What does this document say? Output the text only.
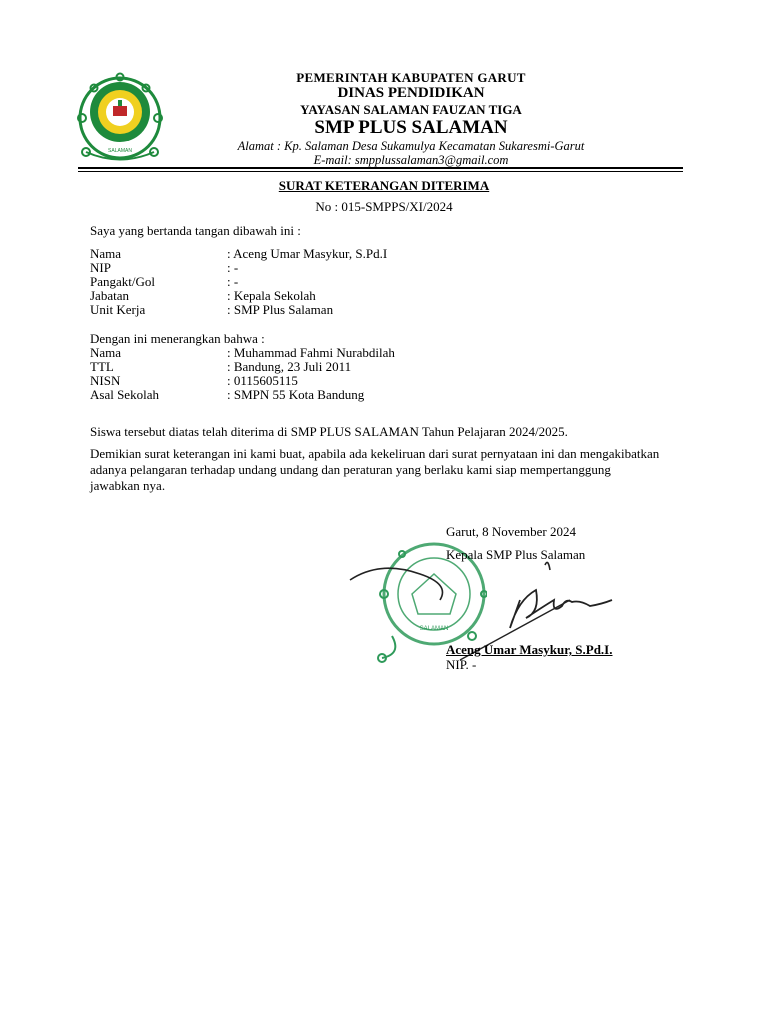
SALAMAN
PEMERINTAH KABUPATEN GARUT
DINAS PENDIDIKAN
YAYASAN SALAMAN FAUZAN TIGA
SMP PLUS SALAMAN
Alamat : Kp. Salaman Desa Sukamulya Kecamatan Sukaresmi-Garut
E-mail: smpplussalaman3@gmail.com
SURAT KETERANGAN DITERIMA
No : 015-SMPPS/XI/2024
Saya yang bertanda tangan dibawah ini :
Nama	: Aceng Umar Masykur, S.Pd.I
NIP	: -
Pangakt/Gol	: -
Jabatan	: Kepala Sekolah
Unit Kerja	: SMP Plus Salaman
Dengan ini menerangkan bahwa :
Nama	: Muhammad Fahmi Nurabdilah
TTL	: Bandung, 23 Juli 2011
NISN	: 0115605115
Asal Sekolah	: SMPN 55 Kota Bandung
Siswa tersebut diatas telah diterima di SMP PLUS SALAMAN Tahun Pelajaran 2024/2025.
Demikian surat keterangan ini kami buat, apabila ada kekeliruan dari surat pernyataan ini dan mengakibatkan adanya pelangaran terhadap undang undang dan peraturan yang berlaku kami siap mempertanggung jawabkan nya.
SALAMAN
Garut, 8 November 2024
Kepala SMP Plus Salaman
Aceng Umar Masykur, S.Pd.I.
NIP. -
